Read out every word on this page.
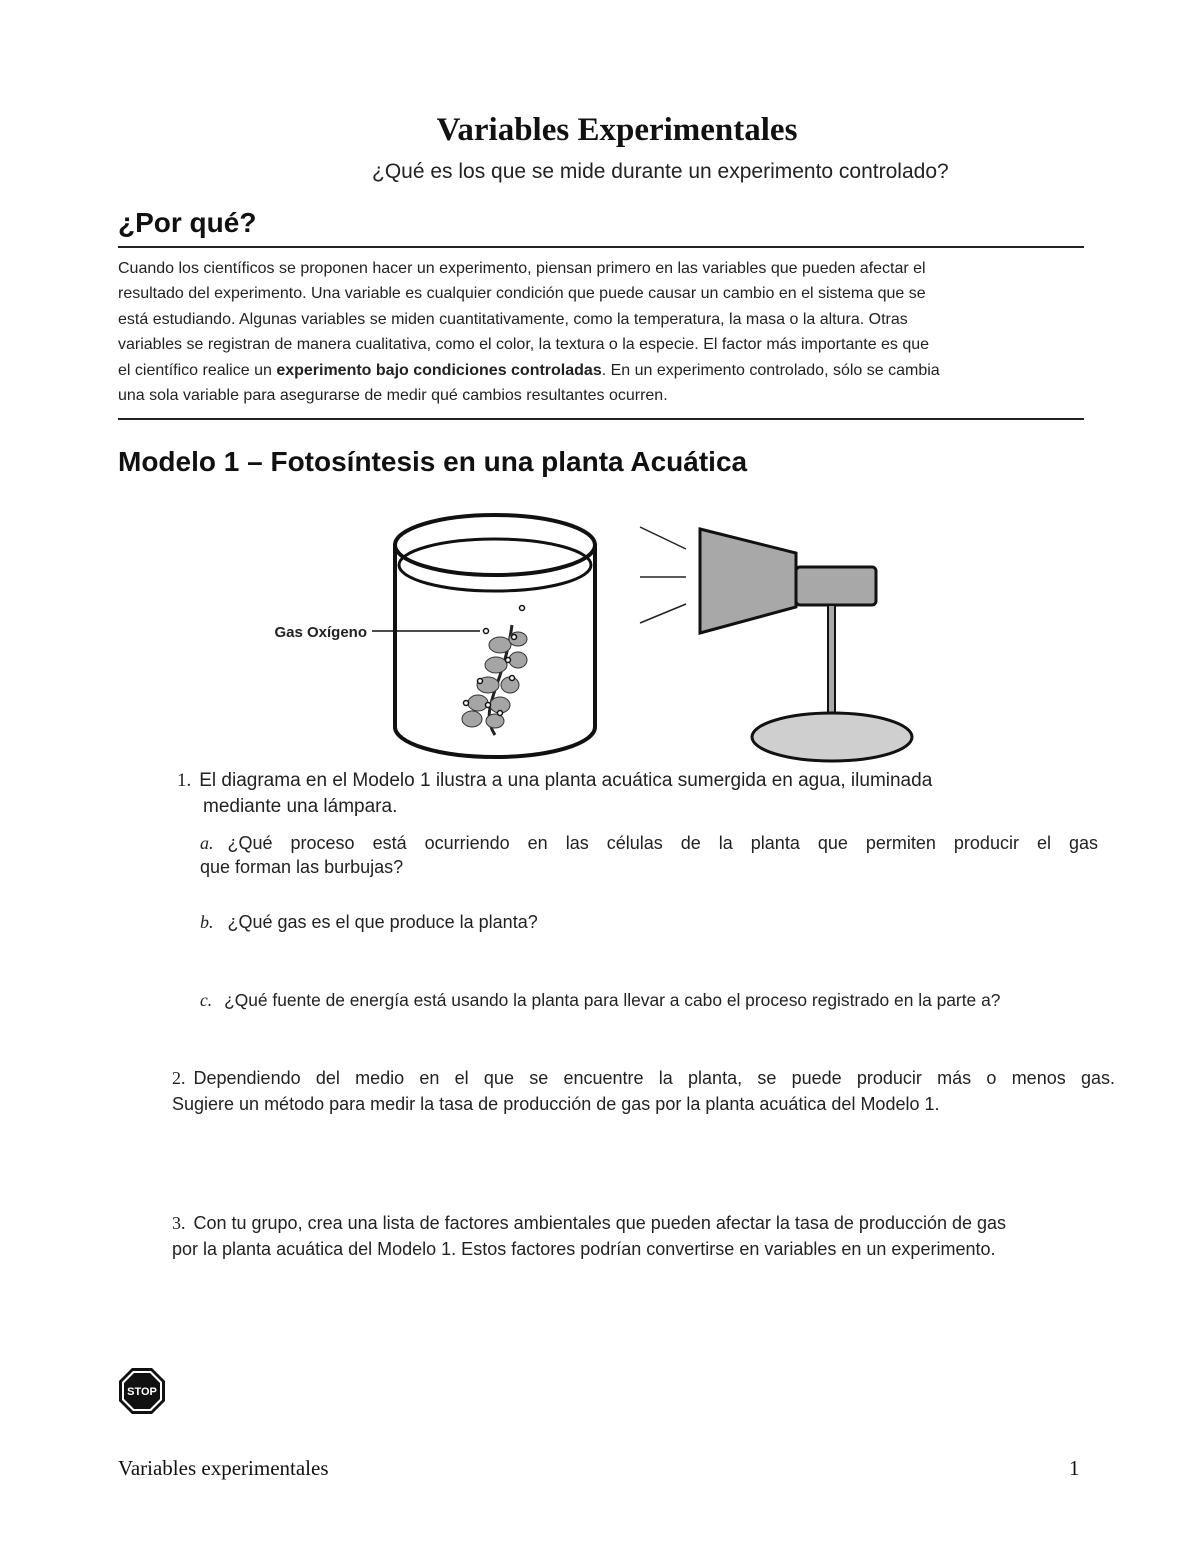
Variables Experimentales
¿Qué es los que se mide durante un experimento controlado?
¿Por qué?
Cuando los científicos se proponen hacer un experimento, piensan primero en las variables que pueden afectar el
resultado del experimento. Una variable es cualquier condición que puede causar un cambio en el sistema que se
está estudiando. Algunas variables se miden cuantitativamente, como la temperatura, la masa o la altura. Otras
variables se registran de manera cualitativa, como el color, la textura o la especie. El factor más importante es que
el científico realice un experimento bajo condiciones controladas. En un experimento controlado, sólo se cambia
una sola variable para asegurarse de medir qué cambios resultantes ocurren.
Modelo 1 – Fotosíntesis en una planta Acuática
Gas Oxígeno
1. El diagrama en el Modelo 1 ilustra a una planta acuática sumergida en agua, iluminada
mediante una lámpara.
a. ¿Qué proceso está ocurriendo en las células de la planta que permiten producir el gas
que forman las burbujas?
b. ¿Qué gas es el que produce la planta?
c. ¿Qué fuente de energía está usando la planta para llevar a cabo el proceso registrado en la parte a?
2. Dependiendo del medio en el que se encuentre la planta, se puede producir más o menos gas.
Sugiere un método para medir la tasa de producción de gas por la planta acuática del Modelo 1.
3. Con tu grupo, crea una lista de factores ambientales que pueden afectar la tasa de producción de gas
por la planta acuática del Modelo 1. Estos factores podrían convertirse en variables en un experimento.
STOP
Variables experimentales	1
